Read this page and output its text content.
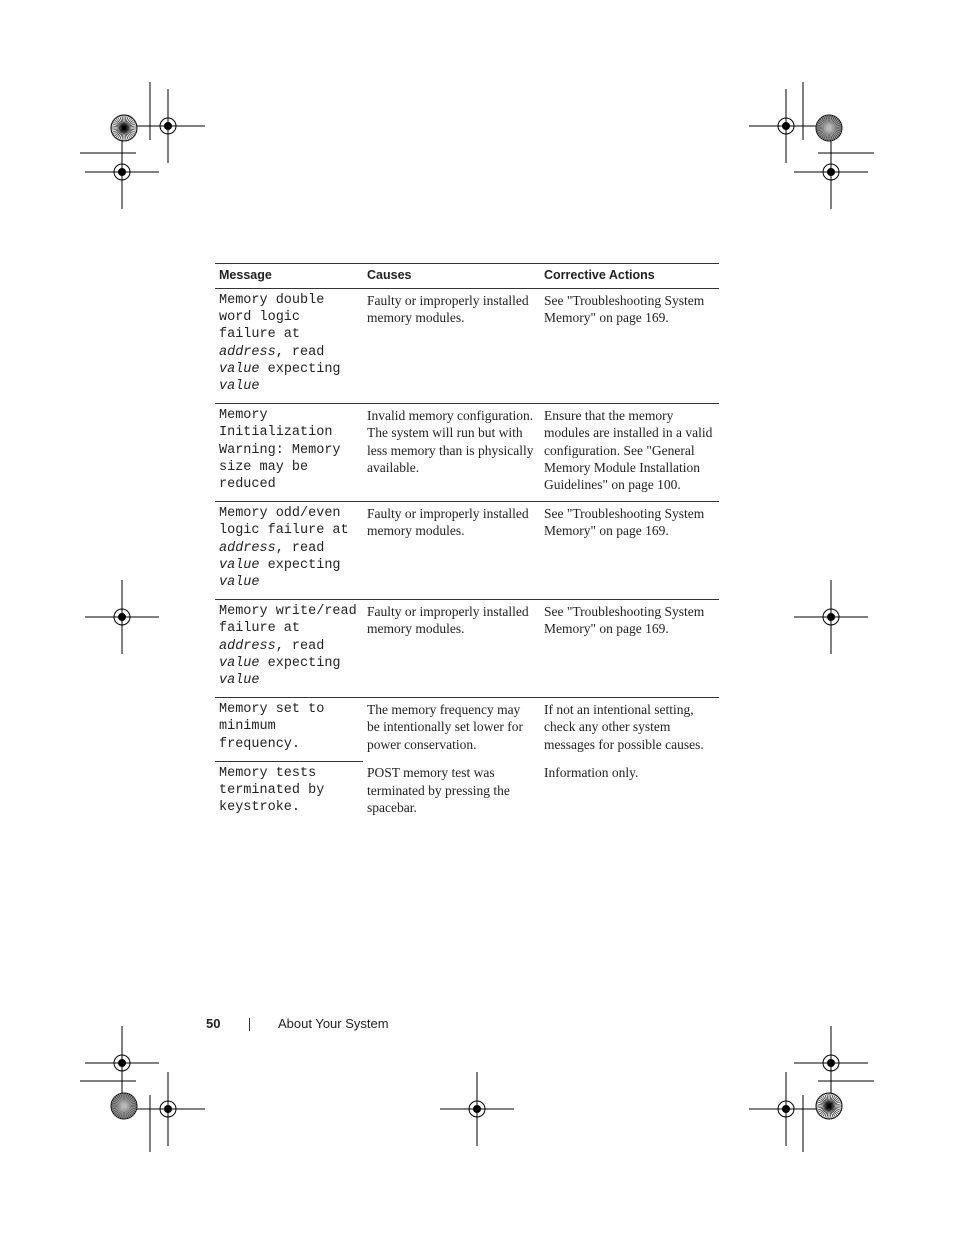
Message	Causes	Corrective Actions
Memory double word logic failure at address, read value expecting value	Faulty or improperly installed memory modules.	See "Troubleshooting System Memory" on page 169.
Memory Initialization Warning: Memory size may be reduced	Invalid memory configuration. The system will run but with less memory than is physically available.	Ensure that the memory modules are installed in a valid configuration. See "General Memory Module Installation Guidelines" on page 100.
Memory odd/even logic failure at address, read value expecting value	Faulty or improperly installed memory modules.	See "Troubleshooting System Memory" on page 169.
Memory write/read failure at address, read value expecting value	Faulty or improperly installed memory modules.	See "Troubleshooting System Memory" on page 169.
Memory set to minimum frequency.	The memory frequency may be intentionally set lower for power conservation.	If not an intentional setting, check any other system messages for possible causes.
Memory tests terminated by keystroke.	POST memory test was terminated by pressing the spacebar.	Information only.
50	About Your System
